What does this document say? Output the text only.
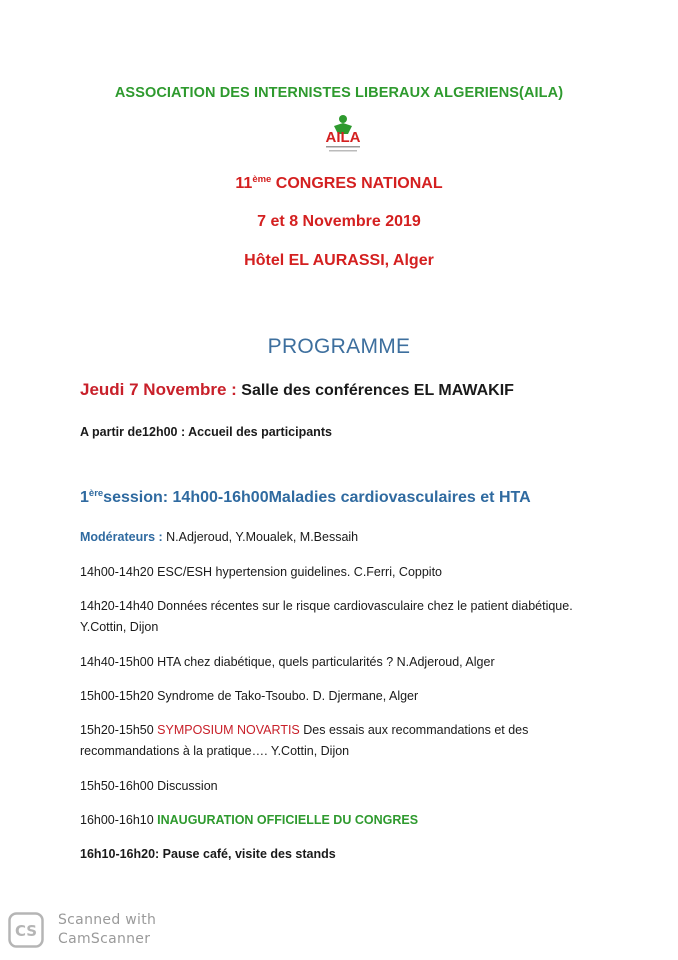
ASSOCIATION DES INTERNISTES LIBERAUX ALGERIENS(AILA)
AILA
11ème CONGRES NATIONAL
7 et 8 Novembre 2019
Hôtel EL AURASSI, Alger
PROGRAMME
Jeudi 7 Novembre : Salle des conférences EL MAWAKIF
A partir de12h00 : Accueil des participants
1èresession: 14h00-16h00Maladies cardiovasculaires et HTA
Modérateurs : N.Adjeroud, Y.Moualek, M.Bessaih
14h00-14h20 ESC/ESH hypertension guidelines. C.Ferri, Coppito
14h20-14h40 Données récentes sur le risque cardiovasculaire chez le patient diabétique. Y.Cottin, Dijon
14h40-15h00 HTA chez diabétique, quels particularités ? N.Adjeroud, Alger
15h00-15h20 Syndrome de Tako-Tsoubo. D. Djermane, Alger
15h20-15h50 SYMPOSIUM NOVARTIS Des essais aux recommandations et des recommandations à la pratique…. Y.Cottin, Dijon
15h50-16h00 Discussion
16h00-16h10 INAUGURATION OFFICIELLE DU CONGRES
16h10-16h20: Pause café, visite des stands
CS
Scanned with
CamScanner
